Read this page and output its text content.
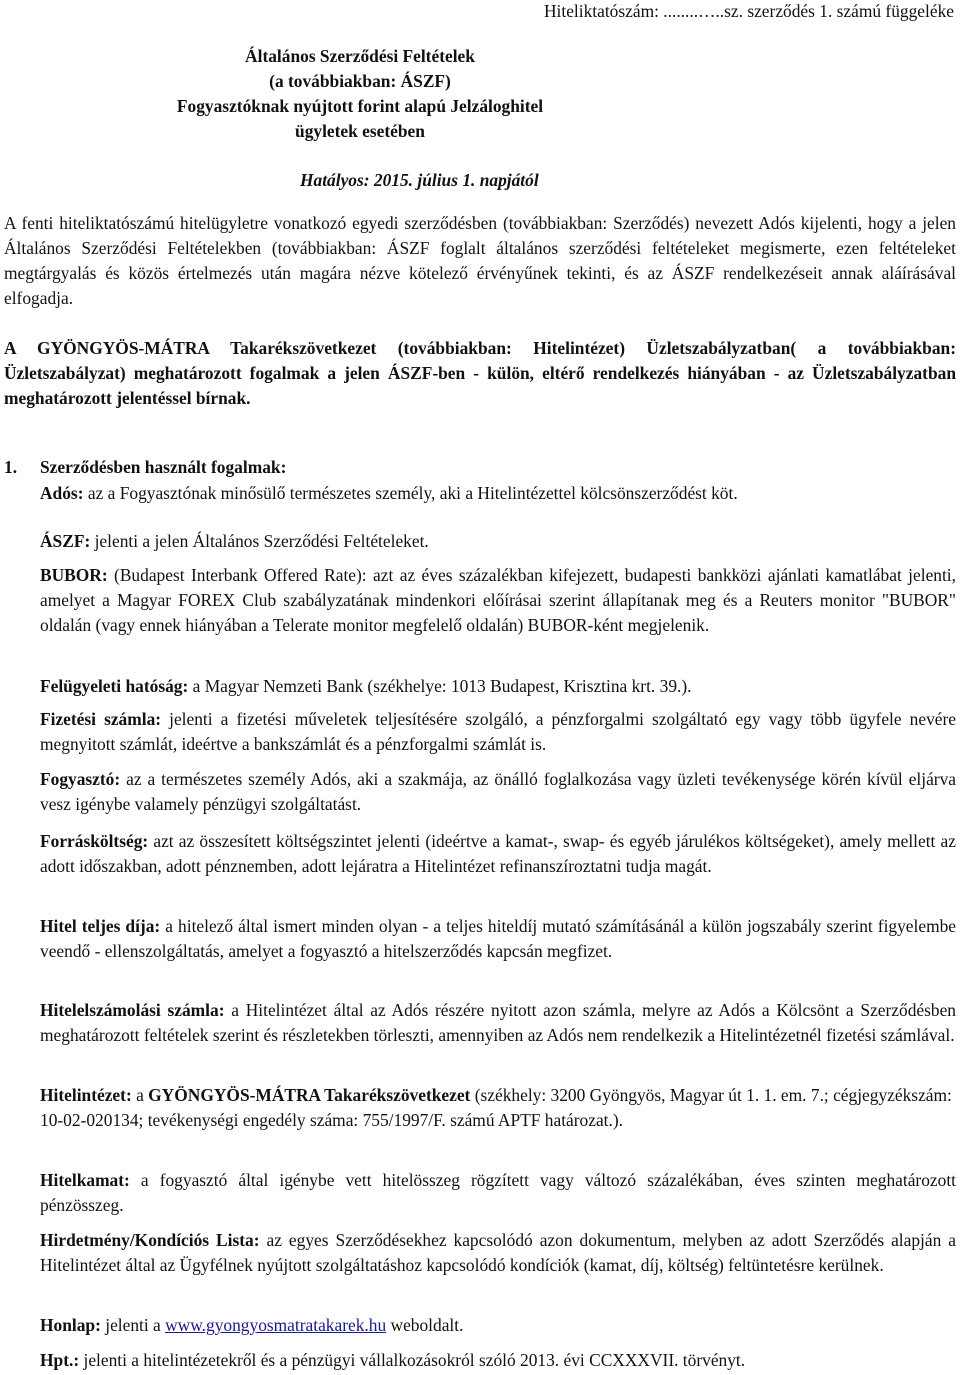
Hiteliktatószám: ........…..sz. szerződés 1. számú függeléke
Általános Szerződési Feltételek
(a továbbiakban: ÁSZF)
Fogyasztóknak nyújtott forint alapú Jelzáloghitel
ügyletek esetében
Hatályos: 2015. július 1. napjától
A fenti hiteliktatószámú hitelügyletre vonatkozó egyedi szerződésben (továbbiakban: Szerződés) nevezett Adós kijelenti, hogy a jelen Általános Szerződési Feltételekben (továbbiakban: ÁSZF foglalt általános szerződési feltételeket megismerte, ezen feltételeket megtárgyalás és közös értelmezés után magára nézve kötelező érvényűnek tekinti, és az ÁSZF rendelkezéseit annak aláírásával elfogadja.
A GYÖNGYÖS-MÁTRA Takarékszövetkezet (továbbiakban: Hitelintézet) Üzletszabályzatban( a továbbiakban: Üzletszabályzat) meghatározott fogalmak a jelen ÁSZF-ben - külön, eltérő rendelkezés hiányában - az Üzletszabályzatban meghatározott jelentéssel bírnak.
1. Szerződésben használt fogalmak:
Adós: az a Fogyasztónak minősülő természetes személy, aki a Hitelintézettel kölcsönszerződést köt.
ÁSZF: jelenti a jelen Általános Szerződési Feltételeket.
BUBOR: (Budapest Interbank Offered Rate): azt az éves százalékban kifejezett, budapesti bankközi ajánlati kamatlábat jelenti, amelyet a Magyar FOREX Club szabályzatának mindenkori előírásai szerint állapítanak meg és a Reuters monitor "BUBOR" oldalán (vagy ennek hiányában a Telerate monitor megfelelő oldalán) BUBOR-ként megjelenik.
Felügyeleti hatóság: a Magyar Nemzeti Bank (székhelye: 1013 Budapest, Krisztina krt. 39.).
Fizetési számla: jelenti a fizetési műveletek teljesítésére szolgáló, a pénzforgalmi szolgáltató egy vagy több ügyfele nevére megnyitott számlát, ideértve a bankszámlát és a pénzforgalmi számlát is.
Fogyasztó: az a természetes személy Adós, aki a szakmája, az önálló foglalkozása vagy üzleti tevékenysége körén kívül eljárva vesz igénybe valamely pénzügyi szolgáltatást.
Forrásköltség: azt az összesített költségszintet jelenti (ideértve a kamat-, swap- és egyéb járulékos költségeket), amely mellett az adott időszakban, adott pénznemben, adott lejáratra a Hitelintézet refinanszíroztatni tudja magát.
Hitel teljes díja: a hitelező által ismert minden olyan - a teljes hiteldíj mutató számításánál a külön jogszabály szerint figyelembe veendő - ellenszolgáltatás, amelyet a fogyasztó a hitelszerződés kapcsán megfizet.
Hitelelszámolási számla: a Hitelintézet által az Adós részére nyitott azon számla, melyre az Adós a Kölcsönt a Szerződésben meghatározott feltételek szerint és részletekben törleszti, amennyiben az Adós nem rendelkezik a Hitelintézetnél fizetési számlával.
Hitelintézet: a GYÖNGYÖS-MÁTRA Takarékszövetkezet (székhely: 3200 Gyöngyös, Magyar út 1. 1. em. 7.; cégjegyzékszám: 10-02-020134; tevékenységi engedély száma: 755/1997/F. számú APTF határozat.).
Hitelkamat: a fogyasztó által igénybe vett hitelösszeg rögzített vagy változó százalékában, éves szinten meghatározott pénzösszeg.
Hirdetmény/Kondíciós Lista: az egyes Szerződésekhez kapcsolódó azon dokumentum, melyben az adott Szerződés alapján a Hitelintézet által az Ügyfélnek nyújtott szolgáltatáshoz kapcsolódó kondíciók (kamat, díj, költség) feltüntetésre kerülnek.
Honlap: jelenti a www.gyongyosmatratakarek.hu weboldalt.
Hpt.: jelenti a hitelintézetekről és a pénzügyi vállalkozásokról szóló 2013. évi CCXXXVII. törvényt.
